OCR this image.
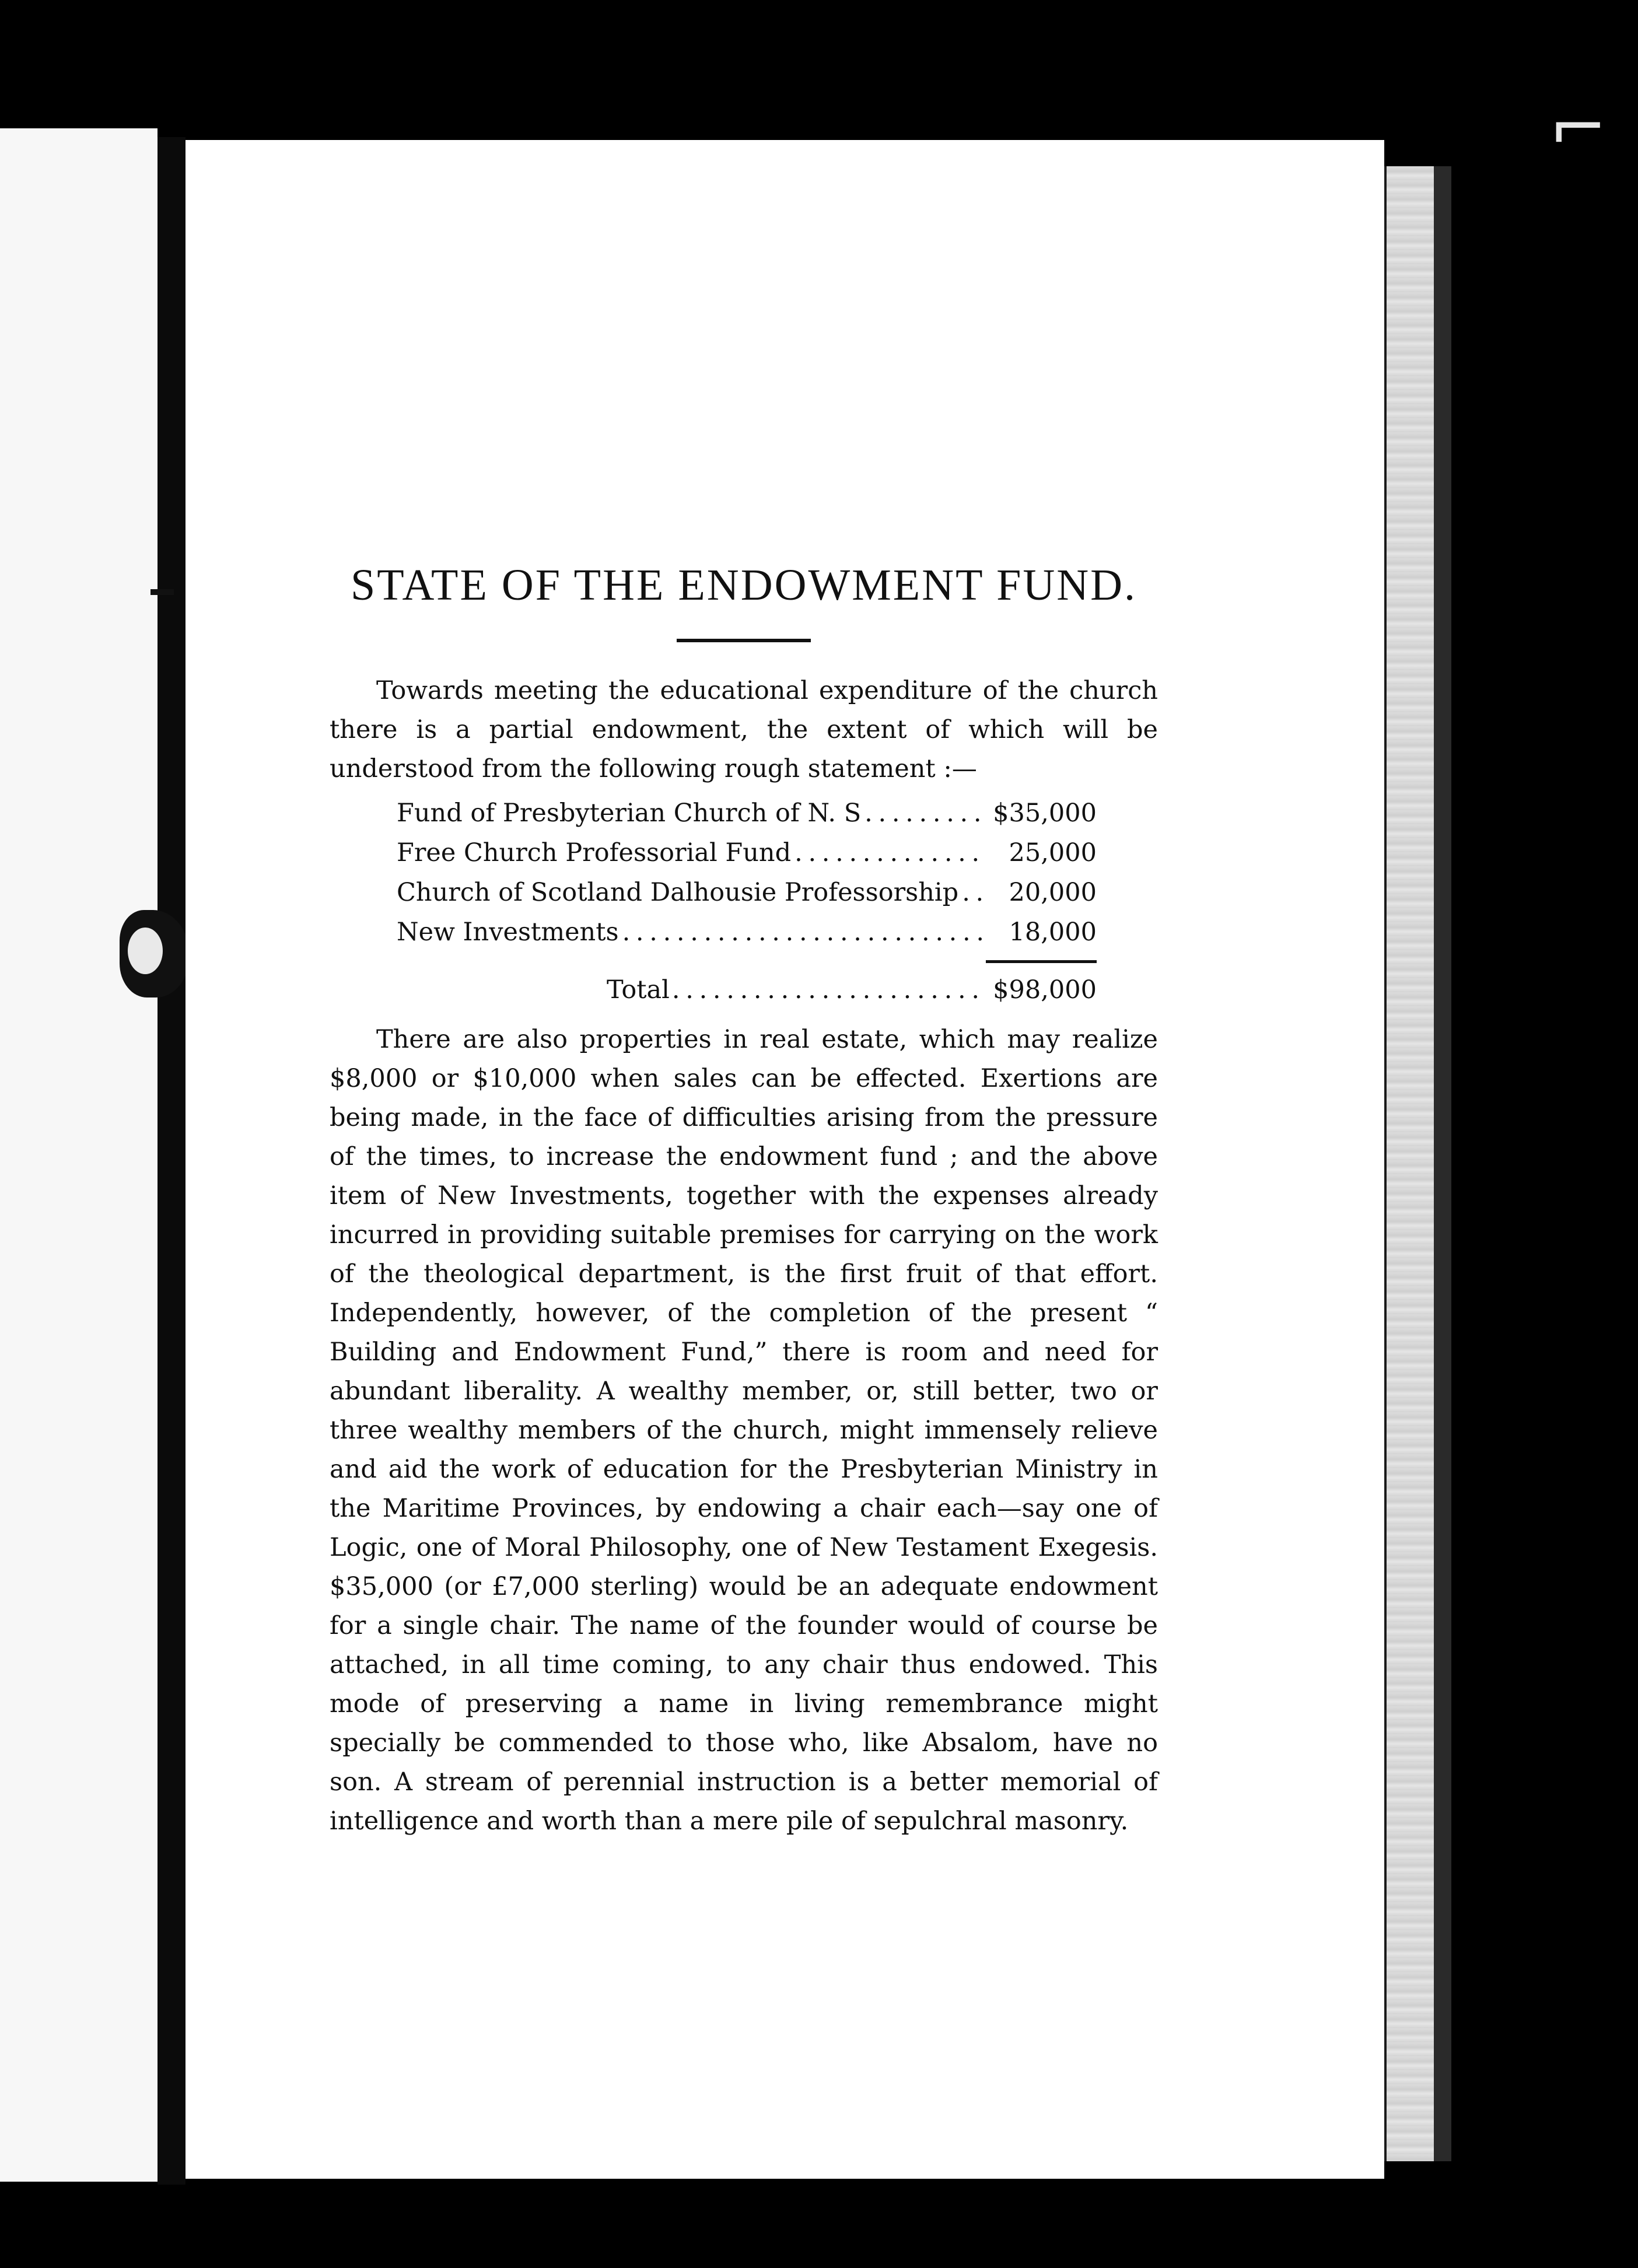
⌐
STATE OF THE ENDOWMENT FUND.

Towards meeting the educational expenditure of the church there is a partial endowment, the extent of which will be understood from the following rough statement :—

Fund of Presbyterian Church of N. S . . .	$35,000
Free Church Professorial Fund . . .	25,000
Church of Scotland Dalhousie Professorship . . .	20,000
New Investments . . .	18,000
Total . . .	$98,000

There are also properties in real estate, which may realize $8,000 or $10,000 when sales can be effected. Exertions are being made, in the face of difficulties arising from the pressure of the times, to increase the endowment fund ; and the above item of New Investments, together with the expenses already incurred in providing suitable premises for carrying on the work of the theological department, is the first fruit of that effort. Independently, however, of the completion of the present “ Building and Endowment Fund,” there is room and need for abundant liberality. A wealthy member, or, still better, two or three wealthy members of the church, might immensely relieve and aid the work of education for the Presbyterian Ministry in the Maritime Provinces, by endowing a chair each—say one of Logic, one of Moral Philosophy, one of New Testament Exegesis. $35,000 (or £7,000 sterling) would be an adequate endowment for a single chair. The name of the founder would of course be attached, in all time coming, to any chair thus endowed. This mode of preserving a name in living remembrance might specially be commended to those who, like Absalom, have no son. A stream of perennial instruction is a better memorial of intelligence and worth than a mere pile of sepulchral masonry.
